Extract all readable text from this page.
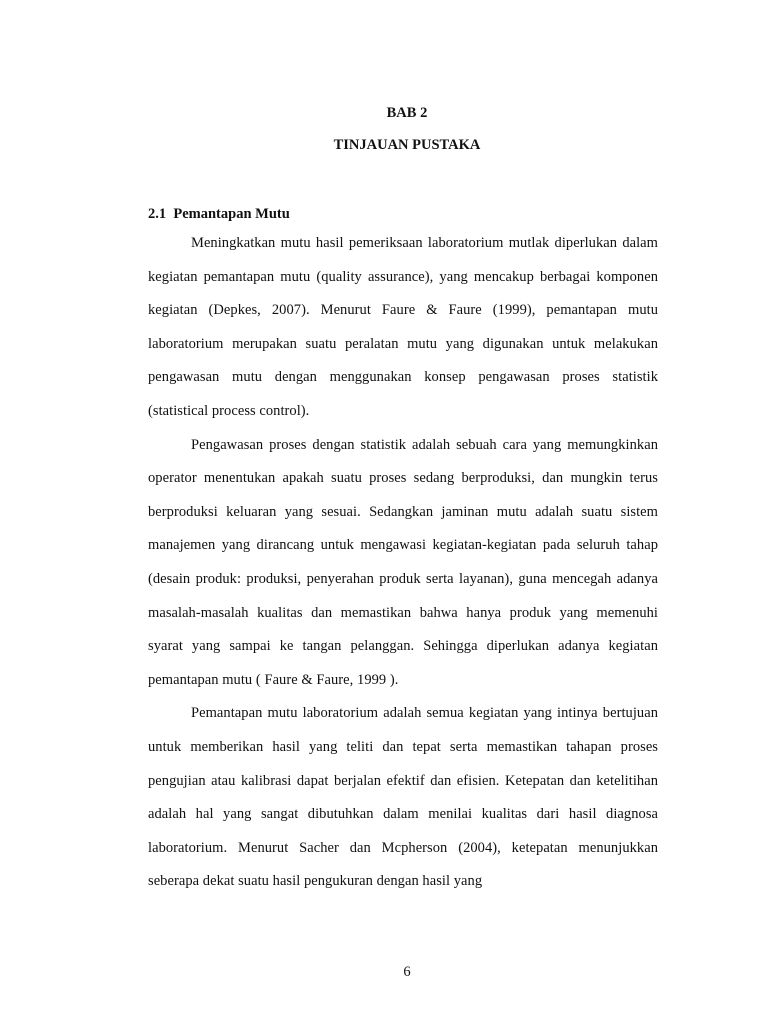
BAB 2

TINJAUAN PUSTAKA

2.1  Pemantapan Mutu

Meningkatkan mutu hasil pemeriksaan laboratorium mutlak diperlukan dalam kegiatan pemantapan mutu (quality assurance), yang mencakup berbagai komponen kegiatan (Depkes, 2007). Menurut Faure & Faure (1999), pemantapan mutu laboratorium merupakan suatu peralatan mutu yang digunakan untuk melakukan pengawasan mutu dengan menggunakan konsep pengawasan proses statistik (statistical process control).

Pengawasan proses dengan statistik adalah sebuah cara yang memungkinkan operator menentukan apakah suatu proses sedang berproduksi, dan mungkin terus berproduksi keluaran yang sesuai. Sedangkan jaminan mutu adalah suatu sistem manajemen yang dirancang untuk mengawasi kegiatan-kegiatan pada seluruh tahap (desain produk: produksi, penyerahan produk serta layanan), guna mencegah adanya masalah-masalah kualitas dan memastikan bahwa hanya produk yang memenuhi syarat yang sampai ke tangan pelanggan. Sehingga diperlukan adanya kegiatan pemantapan mutu ( Faure & Faure, 1999 ).

Pemantapan mutu laboratorium adalah semua kegiatan yang intinya bertujuan untuk memberikan hasil yang teliti dan tepat serta memastikan tahapan proses pengujian atau kalibrasi dapat berjalan efektif dan efisien. Ketepatan dan ketelitihan adalah hal yang sangat dibutuhkan dalam menilai kualitas dari hasil diagnosa laboratorium. Menurut Sacher dan Mcpherson (2004), ketepatan menunjukkan seberapa dekat suatu hasil pengukuran dengan hasil yang

6
